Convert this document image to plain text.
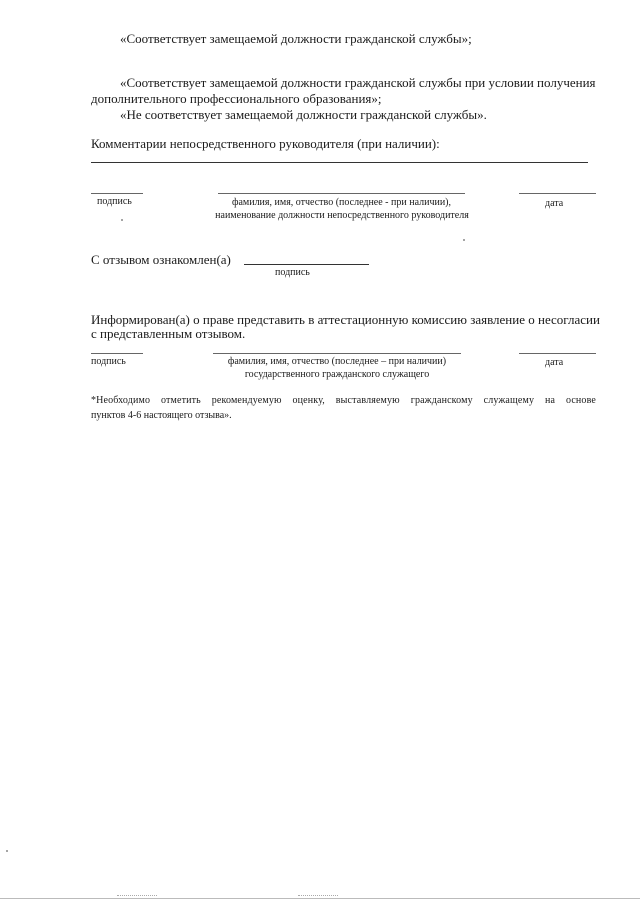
«Соответствует замещаемой должности гражданской службы»;
«Соответствует замещаемой должности гражданской службы при условии получения
дополнительного профессионального образования»;
«Не соответствует замещаемой должности гражданской службы».
Комментарии непосредственного руководителя (при наличии):
подпись	фамилия, имя, отчество (последнее - при наличии),
наименование должности непосредственного руководителя
дата
С отзывом ознакомлен(а)
подпись
Информирован(а) о праве представить в аттестационную комиссию заявление о несогласии
с представленным отзывом.
подпись	фамилия, имя, отчество (последнее – при наличии)
государственного гражданского служащего
дата
*Необходимо отметить рекомендуемую оценку, выставляемую гражданскому служащему на основе
пунктов 4-6 настоящего отзыва».
